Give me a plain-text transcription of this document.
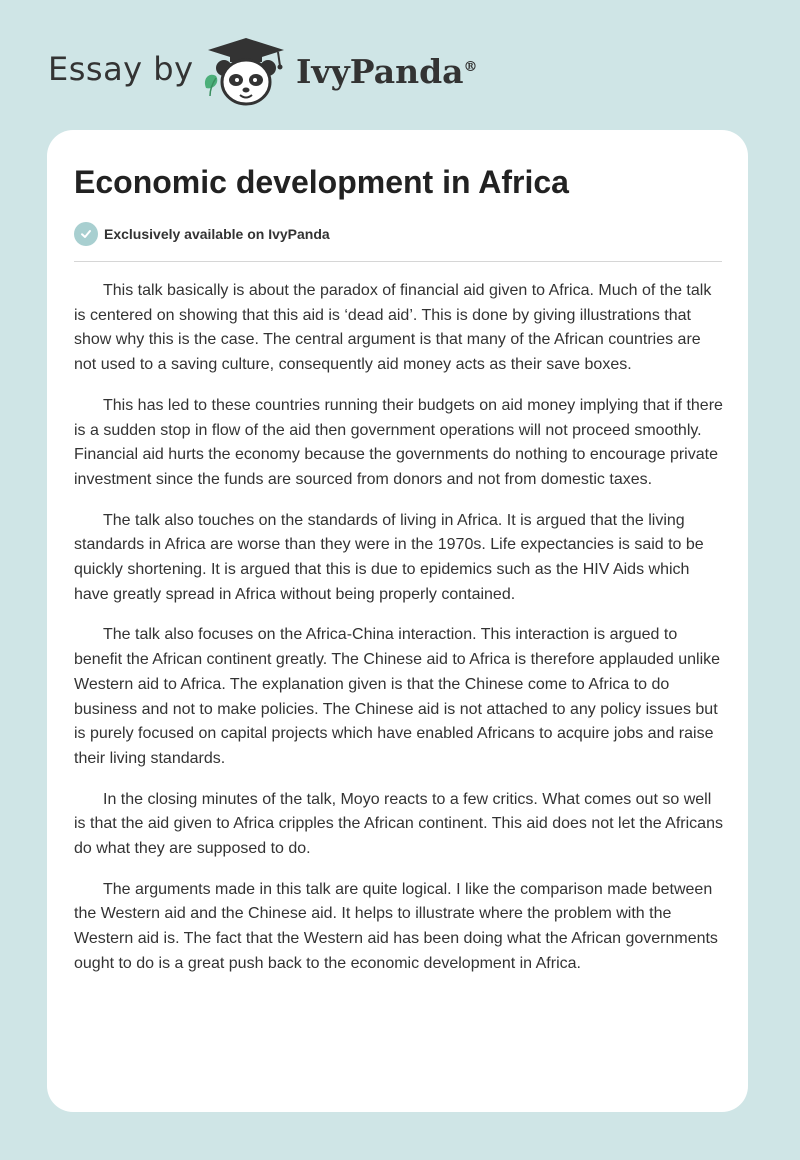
Essay by	IvyPanda®
Economic development in Africa
Exclusively available on IvyPanda

This talk basically is about the paradox of financial aid given to Africa. Much of the talk is centered on showing that this aid is ‘dead aid’. This is done by giving illustrations that show why this is the case. The central argument is that many of the African countries are not used to a saving culture, consequently aid money acts as their save boxes.

This has led to these countries running their budgets on aid money implying that if there is a sudden stop in flow of the aid then government operations will not proceed smoothly. Financial aid hurts the economy because the governments do nothing to encourage private investment since the funds are sourced from donors and not from domestic taxes.

The talk also touches on the standards of living in Africa. It is argued that the living standards in Africa are worse than they were in the 1970s. Life expectancies is said to be quickly shortening. It is argued that this is due to epidemics such as the HIV Aids which have greatly spread in Africa without being properly contained.

The talk also focuses on the Africa-China interaction. This interaction is argued to benefit the African continent greatly. The Chinese aid to Africa is therefore applauded unlike Western aid to Africa. The explanation given is that the Chinese come to Africa to do business and not to make policies. The Chinese aid is not attached to any policy issues but is purely focused on capital projects which have enabled Africans to acquire jobs and raise their living standards.

In the closing minutes of the talk, Moyo reacts to a few critics. What comes out so well is that the aid given to Africa cripples the African continent. This aid does not let the Africans do what they are supposed to do.

The arguments made in this talk are quite logical. I like the comparison made between the Western aid and the Chinese aid. It helps to illustrate where the problem with the Western aid is. The fact that the Western aid has been doing what the African governments ought to do is a great push back to the economic development in Africa.
